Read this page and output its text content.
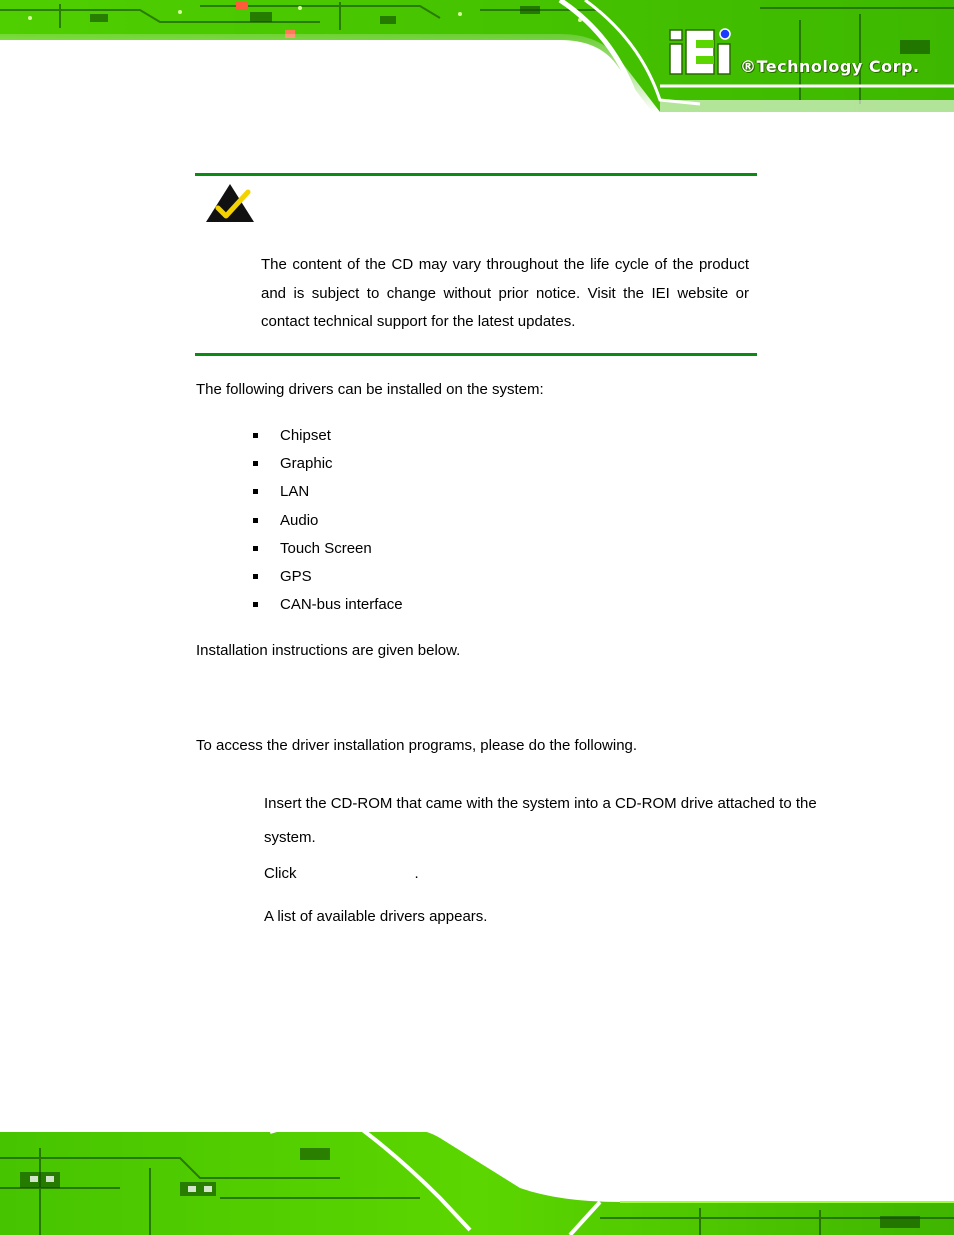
®Technology Corp.
The content of the CD may vary throughout the life cycle of the product and is subject to change without prior notice. Visit the IEI website or contact technical support for the latest updates.
The following drivers can be installed on the system:
Chipset
Graphic
LAN
Audio
Touch Screen
GPS
CAN-bus interface
Installation instructions are given below.
To access the driver installation programs, please do the following.
Insert the CD-ROM that came with the system into a CD-ROM drive attached to the system.
Click	.
A list of available drivers appears.
